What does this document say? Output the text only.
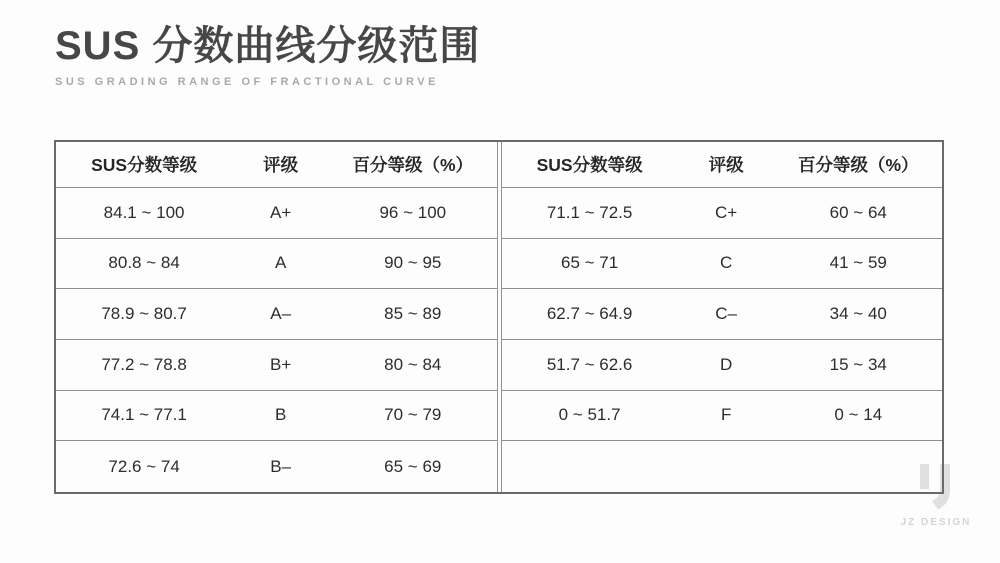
SUS 分数曲线分级范围
SUS GRADING RANGE OF FRACTIONAL CURVE
SUS分数等级	评级	百分等级（%）
84.1 ~ 100	A+	96 ~ 100
80.8 ~ 84	A	90 ~ 95
78.9 ~ 80.7	A–	85 ~ 89
77.2 ~ 78.8	B+	80 ~ 84
74.1 ~ 77.1	B	70 ~ 79
72.6 ~ 74	B–	65 ~ 69
SUS分数等级	评级	百分等级（%）
71.1 ~ 72.5	C+	60 ~ 64
65 ~ 71	C	41 ~ 59
62.7 ~ 64.9	C–	34 ~ 40
51.7 ~ 62.6	D	15 ~ 34
0 ~ 51.7	F	0 ~ 14
JZ DESIGN
